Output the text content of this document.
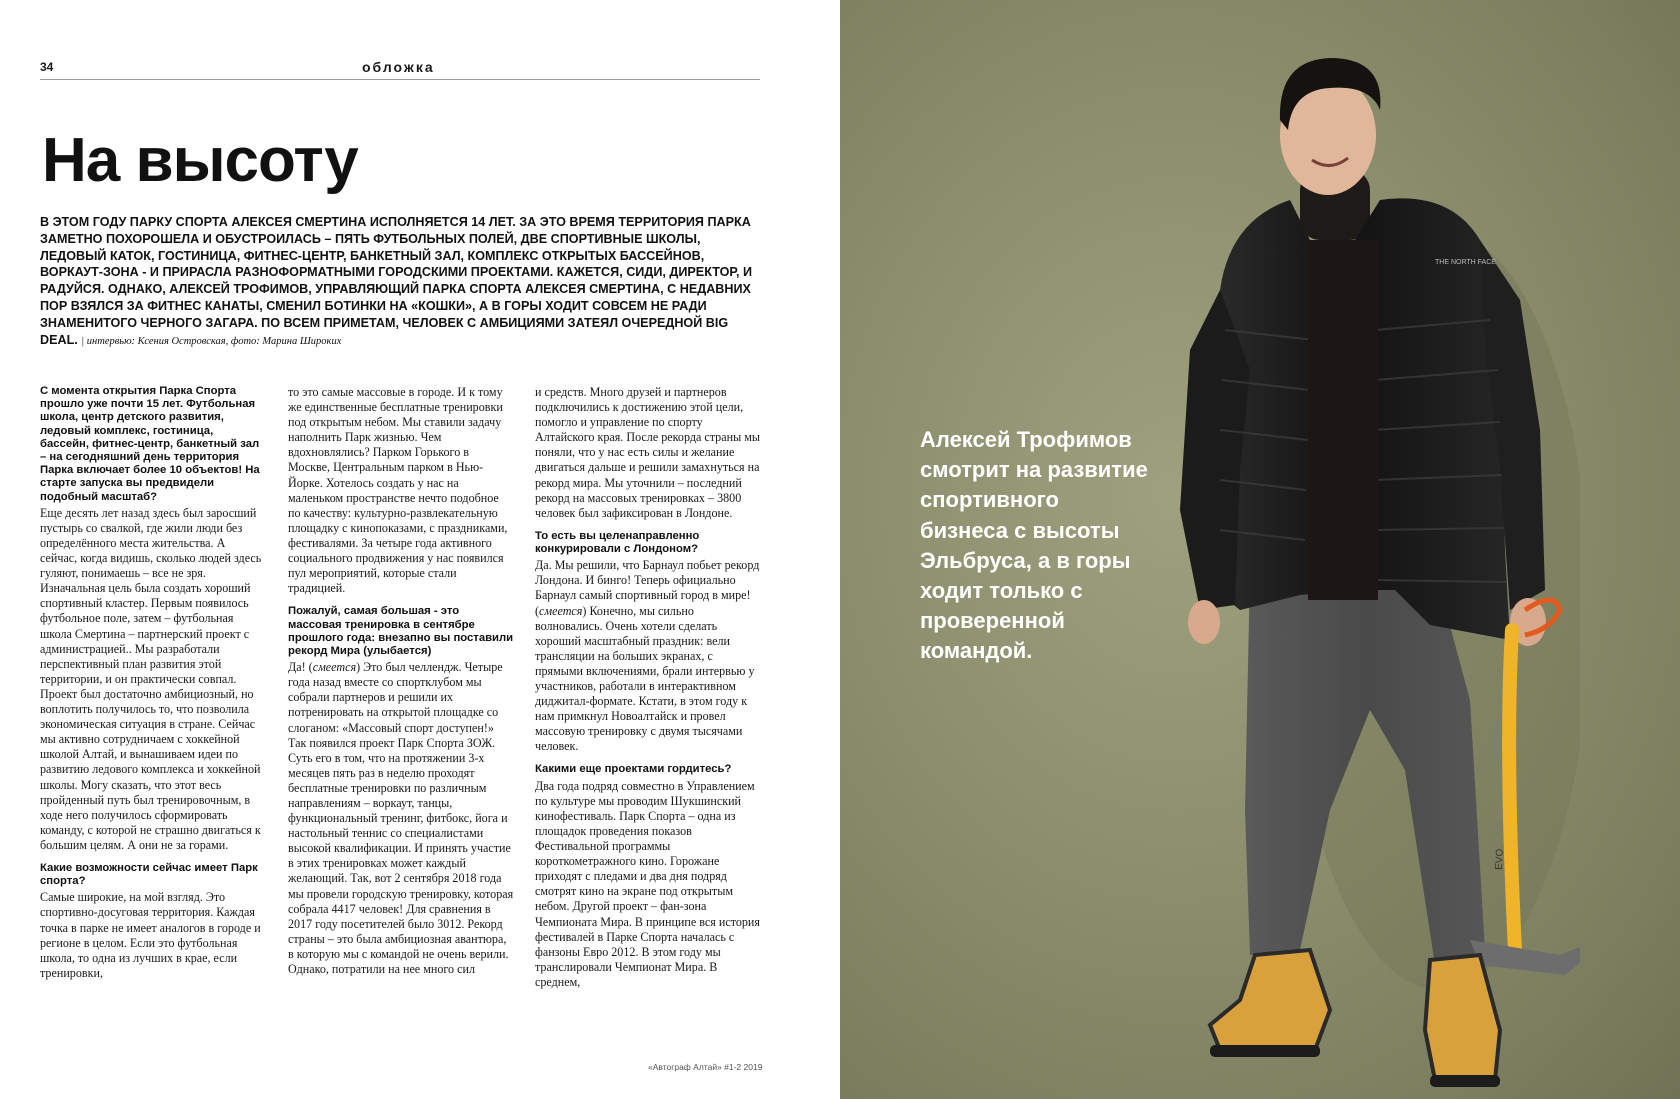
34	обложка
На высоту
В ЭТОМ ГОДУ ПАРКУ СПОРТА АЛЕКСЕЯ СМЕРТИНА ИСПОЛНЯЕТСЯ 14 ЛЕТ. ЗА ЭТО ВРЕМЯ ТЕРРИТОРИЯ ПАРКА ЗАМЕТНО ПОХОРОШЕЛА И ОБУСТРОИЛАСЬ – ПЯТЬ ФУТБОЛЬНЫХ ПОЛЕЙ, ДВЕ СПОРТИВНЫЕ ШКОЛЫ, ЛЕДОВЫЙ КАТОК, ГОСТИНИЦА, ФИТНЕС-ЦЕНТР, БАНКЕТНЫЙ ЗАЛ, КОМПЛЕКС ОТКРЫТЫХ БАССЕЙНОВ, ВОРКАУТ-ЗОНА - И ПРИРАСЛА РАЗНОФОРМАТНЫМИ ГОРОДСКИМИ ПРОЕКТАМИ. КАЖЕТСЯ, СИДИ, ДИРЕКТОР, И РАДУЙСЯ. ОДНАКО, АЛЕКСЕЙ ТРОФИМОВ, УПРАВЛЯЮЩИЙ ПАРКА СПОРТА АЛЕКСЕЯ СМЕРТИНА, С НЕДАВНИХ ПОР ВЗЯЛСЯ ЗА ФИТНЕС КАНАТЫ, СМЕНИЛ БОТИНКИ НА «КОШКИ», А В ГОРЫ ХОДИТ СОВСЕМ НЕ РАДИ ЗНАМЕНИТОГО ЧЕРНОГО ЗАГАРА. ПО ВСЕМ ПРИМЕТАМ, ЧЕЛОВЕК С АМБИЦИЯМИ ЗАТЕЯЛ ОЧЕРЕДНОЙ BIG DEAL. | интервью: Ксения Островская, фото: Марина Широких

С момента открытия Парка Спорта прошло уже почти 15 лет. Футбольная школа, центр детского развития, ледовый комплекс, гостиница, бассейн, фитнес-центр, банкетный зал – на сегодняшний день территория Парка включает более 10 объектов! На старте запуска вы предвидели подобный масштаб?

Еще десять лет назад здесь был заросший пустырь со свалкой, где жили люди без определённого места жительства. А сейчас, когда видишь, сколько людей здесь гуляют, понимаешь – все не зря. Изначальная цель была создать хороший спортивный кластер. Первым появилось футбольное поле, затем – футбольная школа Смертина – партнерский проект с администрацией.. Мы разработали перспективный план развития этой территории, и он практически совпал. Проект был достаточно амбициозный, но воплотить получилось то, что позволила экономическая ситуация в стране. Сейчас мы активно сотрудничаем с хоккейной школой Алтай, и вынашиваем идеи по развитию ледового комплекса и хоккейной школы. Могу сказать, что этот весь пройденный путь был тренировочным, в ходе него получилось сформировать команду, с которой не страшно двигаться к большим целям. А они не за горами.

Какие возможности сейчас имеет Парк спорта?

Самые широкие, на мой взгляд. Это спортивно-досуговая территория. Каждая точка в парке не имеет аналогов в городе и регионе в целом. Если это футбольная школа, то одна из лучших в крае, если тренировки,

то это самые массовые в городе. И к тому же единственные бесплатные тренировки под открытым небом. Мы ставили задачу наполнить Парк жизнью. Чем вдохновлялись? Парком Горького в Москве, Центральным парком в Нью-Йорке. Хотелось создать у нас на маленьком пространстве нечто подобное по качеству: культурно-развлекательную площадку с кинопоказами, с праздниками, фестивалями. За четыре года активного социального продвижения у нас появился пул мероприятий, которые стали традицией.

Пожалуй, самая большая - это массовая тренировка в сентябре прошлого года: внезапно вы поставили рекорд Мира (улыбается)

Да! (смеется) Это был челлендж. Четыре года назад вместе со спортклубом мы собрали партнеров и решили их потренировать на открытой площадке со слоганом: «Массовый спорт доступен!» Так появился проект Парк Спорта ЗОЖ. Суть его в том, что на протяжении 3-х месяцев пять раз в неделю проходят бесплатные тренировки по различным направлениям – воркаут, танцы, функциональный тренинг, фитбокс, йога и настольный теннис со специалистами высокой квалификации. И принять участие в этих тренировках может каждый желающий. Так, вот 2 сентября 2018 года мы провели городскую тренировку, которая собрала 4417 человек! Для сравнения в 2017 году посетителей было 3012. Рекорд страны – это была амбициозная авантюра, в которую мы с командой не очень верили. Однако, потратили на нее много сил

и средств. Много друзей и партнеров подключились к достижению этой цели, помогло и управление по спорту Алтайского края. После рекорда страны мы поняли, что у нас есть силы и желание двигаться дальше и решили замахнуться на рекорд мира. Мы уточнили – последний рекорд на массовых тренировках – 3800 человек был зафиксирован в Лондоне.

То есть вы целенаправленно конкурировали с Лондоном?

Да. Мы решили, что Барнаул побьет рекорд Лондона. И бинго! Теперь официально Барнаул самый спортивный город в мире! (смеется) Конечно, мы сильно волновались. Очень хотели сделать хороший масштабный праздник: вели трансляции на больших экранах, с прямыми включениями, брали интервью у участников, работали в интерактивном диджитал-формате. Кстати, в этом году к нам примкнул Новоалтайск и провел массовую тренировку с двумя тысячами человек.

Какими еще проектами гордитесь?

Два года подряд совместно в Управлением по культуре мы проводим Шукшинский кинофестиваль. Парк Спорта – одна из площадок проведения показов Фестивальной программы короткометражного кино. Горожане приходят с пледами и два дня подряд смотрят кино на экране под открытым небом. Другой проект – фан-зона Чемпионата Мира. В принципе вся история фестивалей в Парке Спорта началась с фанзоны Евро 2012. В этом году мы транслировали Чемпионат Мира. В среднем,

«Автограф Алтай» #1-2 2019
Алексей Трофимов смотрит на развитие спортивного бизнеса с высоты Эльбруса, а в горы ходит только с проверенной командой.
THE NORTH FACE
EVO
